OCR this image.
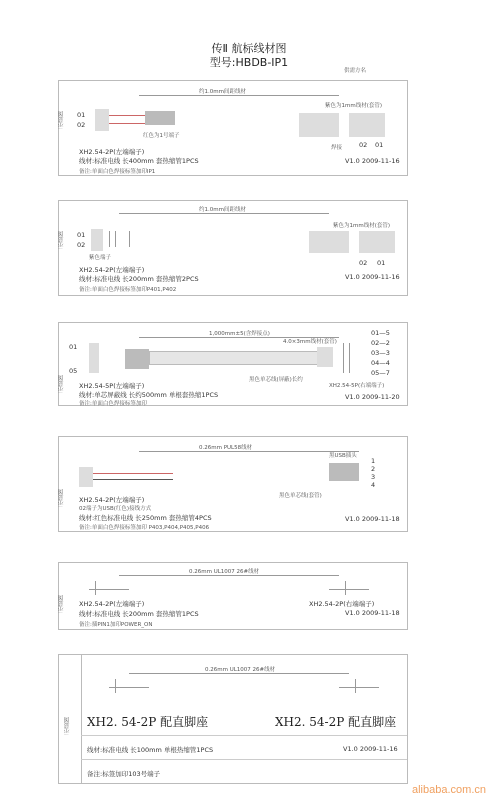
传Ⅱ 航标线材图
型号:HBDB-IP1
供需方名
示意图
约1.0mm间距线材
01
02
红色为1号端子
紫色为1mm线材(套管)
02 01
焊接
XH2.54-2P(左端端子)
线材:标准电线 长400mm 套热缩管1PCS
备注:单面白色焊接标签加印IP1
V1.0 2009-11-16
示意图
约1.0mm间距线材
01
02
紫色端子
紫色为1mm线材(套管)
02 01
XH2.54-2P(左端端子)
线材:标准电线 长200mm 套热缩管2PCS
备注:单面白色焊接标签加印P401,P402
V1.0 2009-11-16
示意图
1,000mm±5(含焊接点)
01
05
4.0×3mm线材(套管)
黑色单芯线(屏蔽)长约
01—5
02—2
03—3
04—4
05—7
XH2.54-5P(左端端子)	XH2.54-5P(右端端子)
线材:单芯屏蔽线 长约500mm 单根套热缩1PCS
备注:单面白色焊接标签加印
V1.0 2009-11-20
示意图
0.26mm PUL58线材
黑USB插头
1
2
3
4
黑色单芯线(套管)
XH2.54-2P(左端端子)
02端子为USB(红色)接线方式
线材:红色标准电线 长250mm 套热缩管4PCS
备注:单面白色焊接标签加印 P403,P404,P405,P406
V1.0 2009-11-18
示意图
0.26mm UL1007 26#线材
XH2.54-2P(左端端子)	XH2.54-2P(右端端子)
线材:标准电线 长200mm 套热缩管1PCS
备注:插PIN1加印POWER_ON
V1.0 2009-11-18
示意图
0.26mm UL1007 26#线材
XH2. 54-2P 配直脚座	XH2. 54-2P 配直脚座
线材:标准电线 长100mm 单根热缩管1PCS	V1.0 2009-11-16
备注:标签加印103号端子
alibaba.com.cn
